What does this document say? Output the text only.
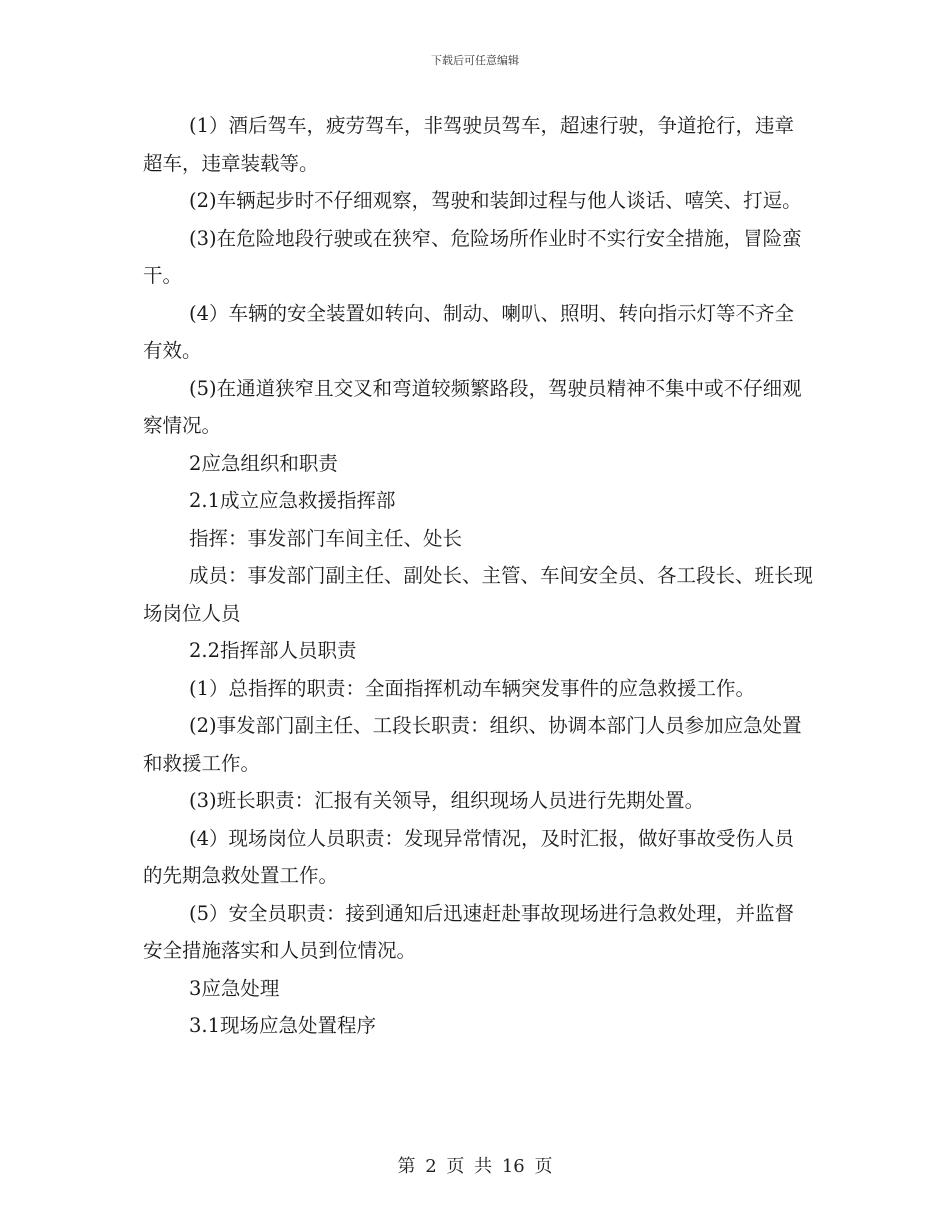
下载后可任意编辑

(1）酒后驾车，疲劳驾车，非驾驶员驾车，超速行驶，争道抢行，违章超车，违章装载等。

(2)车辆起步时不仔细观察，驾驶和装卸过程与他人谈话、嘻笑、打逗。

(3)在危险地段行驶或在狭窄、危险场所作业时不实行安全措施，冒险蛮干。

(4）车辆的安全装置如转向、制动、喇叭、照明、转向指示灯等不齐全有效。

(5)在通道狭窄且交叉和弯道较频繁路段，驾驶员精神不集中或不仔细观察情况。

2应急组织和职责

2.1成立应急救援指挥部

指挥：事发部门车间主任、处长

成员：事发部门副主任、副处长、主管、车间安全员、各工段长、班长现场岗位人员

2.2指挥部人员职责

(1）总指挥的职责：全面指挥机动车辆突发事件的应急救援工作。

(2)事发部门副主任、工段长职责：组织、协调本部门人员参加应急处置和救援工作。

(3)班长职责：汇报有关领导，组织现场人员进行先期处置。

(4）现场岗位人员职责：发现异常情况，及时汇报，做好事故受伤人员的先期急救处置工作。

(5）安全员职责：接到通知后迅速赶赴事故现场进行急救处理，并监督安全措施落实和人员到位情况。

3应急处理

3.1现场应急处置程序

第 2 页 共 16 页
